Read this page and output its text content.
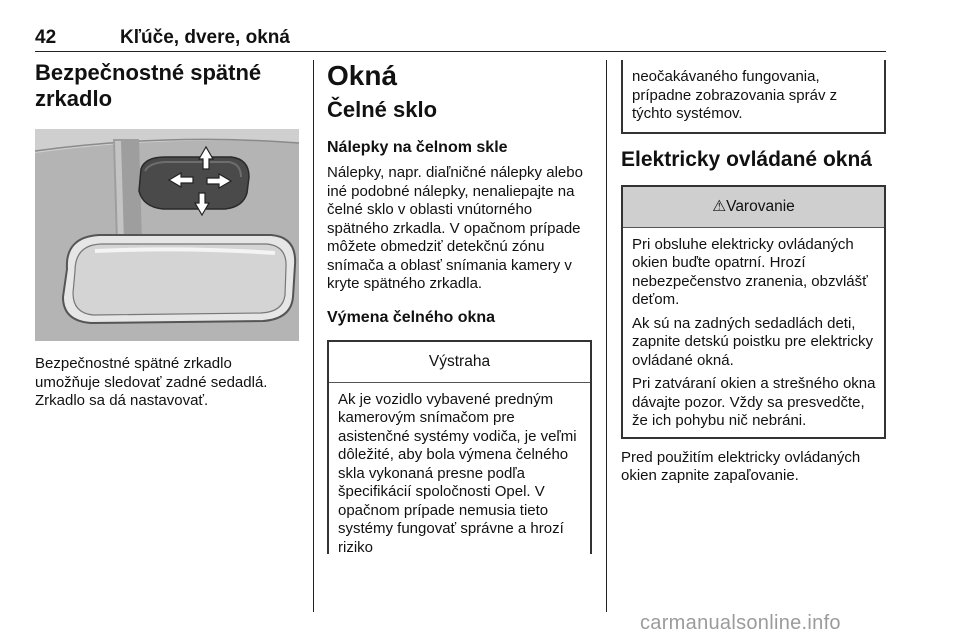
42	Kľúče, dvere, okná
Bezpečnostné spätné zrkadlo

Bezpečnostné spätné zrkadlo umožňuje sledovať zadné sedadlá. Zrkadlo sa dá nastavovať.

Okná
Čelné sklo
Nálepky na čelnom skle

Nálepky, napr. diaľničné nálepky alebo iné podobné nálepky, nenaliepajte na čelné sklo v oblasti vnútorného spätného zrkadla. V opačnom prípade môžete obmedziť detekčnú zónu snímača a oblasť snímania kamery v kryte spätného zrkadla.

Výmena čelného okna
Výstraha

Ak je vozidlo vybavené predným kamerovým snímačom pre asistenčné systémy vodiča, je veľmi dôležité, aby bola výmena čelného skla vykonaná presne podľa špecifikácií spoločnosti Opel. V opačnom prípade nemusia tieto systémy fungovať správne a hrozí riziko

neočakávaného fungovania, prípadne zobrazovania správ z týchto systémov.

Elektricky ovládané okná
⚠Varovanie

Pri obsluhe elektricky ovládaných okien buďte opatrní. Hrozí nebezpečenstvo zranenia, obzvlášť deťom.

Ak sú na zadných sedadlách deti, zapnite detskú poistku pre elektricky ovládané okná.

Pri zatváraní okien a strešného okna dávajte pozor. Vždy sa presvedčte, že ich pohybu nič nebráni.

Pred použitím elektricky ovládaných okien zapnite zapaľovanie.

carmanualsonline.info
